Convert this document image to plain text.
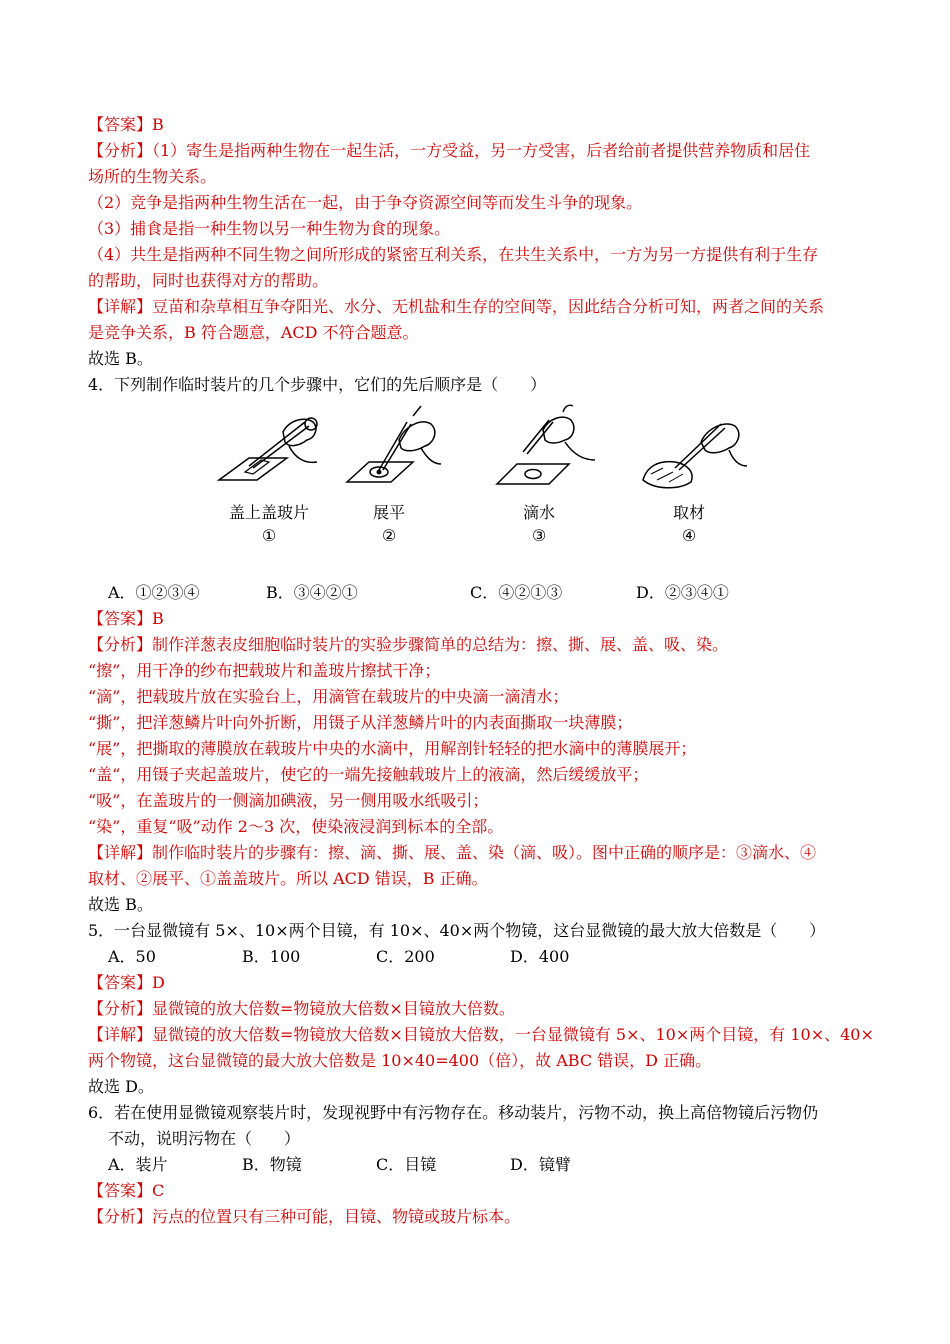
【答案】B
【分析】（1）寄生是指两种生物在一起生活，一方受益，另一方受害，后者给前者提供营养物质和居住
场所的生物关系。
（2）竞争是指两种生物生活在一起，由于争夺资源空间等而发生斗争的现象。
（3）捕食是指一种生物以另一种生物为食的现象。
（4）共生是指两种不同生物之间所形成的紧密互利关系，在共生关系中，一方为另一方提供有利于生存
的帮助，同时也获得对方的帮助。
【详解】豆苗和杂草相互争夺阳光、水分、无机盐和生存的空间等，因此结合分析可知，两者之间的关系
是竞争关系，B 符合题意，ACD 不符合题意。
故选 B。
4．下列制作临时装片的几个步骤中，它们的先后顺序是（　　）
盖上盖玻片
①
展平
②
滴水
③
取材
④
A．①②③④	B．③④②①	C．④②①③	D．②③④①
【答案】B
【分析】制作洋葱表皮细胞临时装片的实验步骤简单的总结为：擦、撕、展、盖、吸、染。
“擦”，用干净的纱布把载玻片和盖玻片擦拭干净；
“滴”，把载玻片放在实验台上，用滴管在载玻片的中央滴一滴清水；
“撕”，把洋葱鳞片叶向外折断，用镊子从洋葱鳞片叶的内表面撕取一块薄膜；
“展”，把撕取的薄膜放在载玻片中央的水滴中，用解剖针轻轻的把水滴中的薄膜展开；
“盖“，用镊子夹起盖玻片，使它的一端先接触载玻片上的液滴，然后缓缓放平；
“吸”，在盖玻片的一侧滴加碘液，另一侧用吸水纸吸引；
“染”，重复“吸”动作 2～3 次，使染液浸润到标本的全部。
【详解】制作临时装片的步骤有：擦、滴、撕、展、盖、染（滴、吸）。图中正确的顺序是：③滴水、④
取材、②展平、①盖盖玻片。所以 ACD 错误，B 正确。
故选 B。
5．一台显微镜有 5×、10×两个目镜，有 10×、40×两个物镜，这台显微镜的最大放大倍数是（　　）
A．50	B．100	C．200	D．400
【答案】D
【分析】显微镜的放大倍数=物镜放大倍数×目镜放大倍数。
【详解】显微镜的放大倍数=物镜放大倍数×目镜放大倍数，一台显微镜有 5×、10×两个目镜，有 10×、40×
两个物镜，这台显微镜的最大放大倍数是 10×40=400（倍），故 ABC 错误，D 正确。
故选 D。
6．若在使用显微镜观察装片时，发现视野中有污物存在。移动装片，污物不动，换上高倍物镜后污物仍
不动，说明污物在（　　）
A．装片	B．物镜	C．目镜	D．镜臂
【答案】C
【分析】污点的位置只有三种可能，目镜、物镜或玻片标本。
